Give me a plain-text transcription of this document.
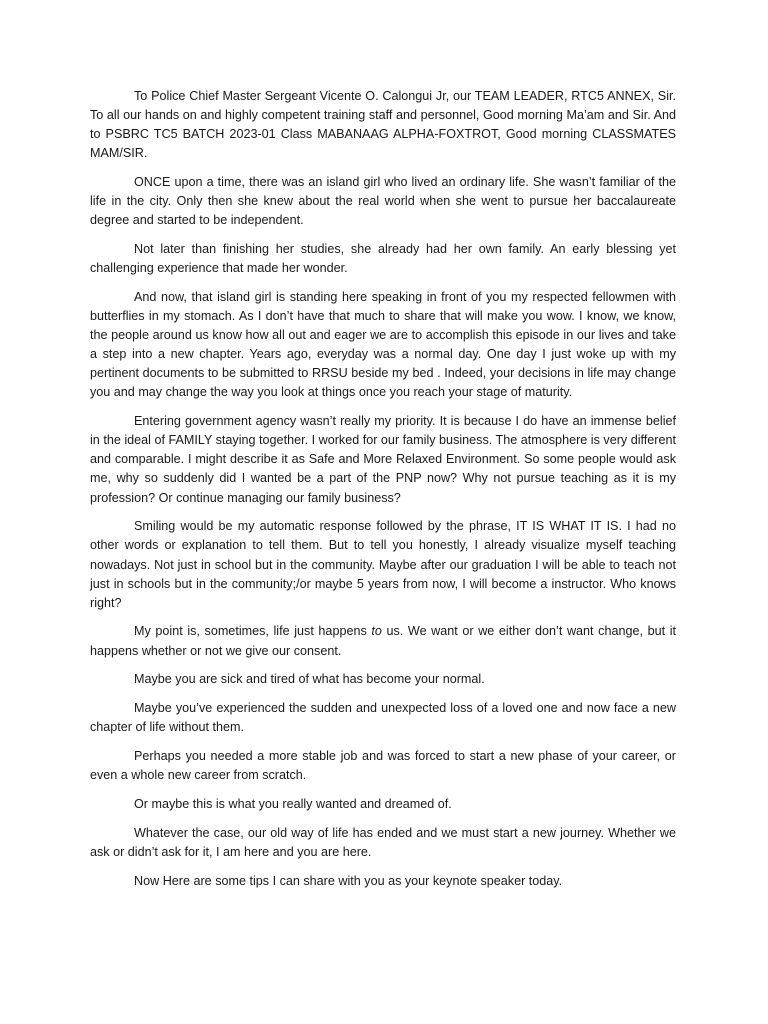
To Police Chief Master Sergeant Vicente O. Calongui Jr, our TEAM LEADER, RTC5 ANNEX, Sir. To all our hands on and highly competent training staff and personnel, Good morning Ma’am and Sir. And to PSBRC TC5 BATCH 2023-01 Class MABANAAG ALPHA-FOXTROT, Good morning CLASSMATES MAM/SIR.

ONCE upon a time, there was an island girl who lived an ordinary life. She wasn’t familiar of the life in the city. Only then she knew about the real world when she went to pursue her baccalaureate degree and started to be independent.

Not later than finishing her studies, she already had her own family. An early blessing yet challenging experience that made her wonder.

And now, that island girl is standing here speaking in front of you my respected fellowmen with butterflies in my stomach. As I don’t have that much to share that will make you wow. I know, we know, the people around us know how all out and eager we are to accomplish this episode in our lives and take a step into a new chapter. Years ago, everyday was a normal day. One day I just woke up with my pertinent documents to be submitted to RRSU beside my bed . Indeed, your decisions in life may change you and may change the way you look at things once you reach your stage of maturity.

Entering government agency wasn’t really my priority. It is because I do have an immense belief in the ideal of FAMILY staying together. I worked for our family business. The atmosphere is very different and comparable. I might describe it as Safe and More Relaxed Environment. So some people would ask me, why so suddenly did I wanted be a part of the PNP now? Why not pursue teaching as it is my profession? Or continue managing our family business?

Smiling would be my automatic response followed by the phrase, IT IS WHAT IT IS. I had no other words or explanation to tell them. But to tell you honestly, I already visualize myself teaching nowadays. Not just in school but in the community. Maybe after our graduation I will be able to teach not just in schools but in the community;/or maybe 5 years from now, I will become a instructor. Who knows right?

My point is, sometimes, life just happens to us. We want or we either don’t want change, but it happens whether or not we give our consent.

Maybe you are sick and tired of what has become your normal.

Maybe you’ve experienced the sudden and unexpected loss of a loved one and now face a new chapter of life without them.

Perhaps you needed a more stable job and was forced to start a new phase of your career, or even a whole new career from scratch.

Or maybe this is what you really wanted and dreamed of.

Whatever the case, our old way of life has ended and we must start a new journey. Whether we ask or didn’t ask for it, I am here and you are here.

Now Here are some tips I can share with you as your keynote speaker today.
